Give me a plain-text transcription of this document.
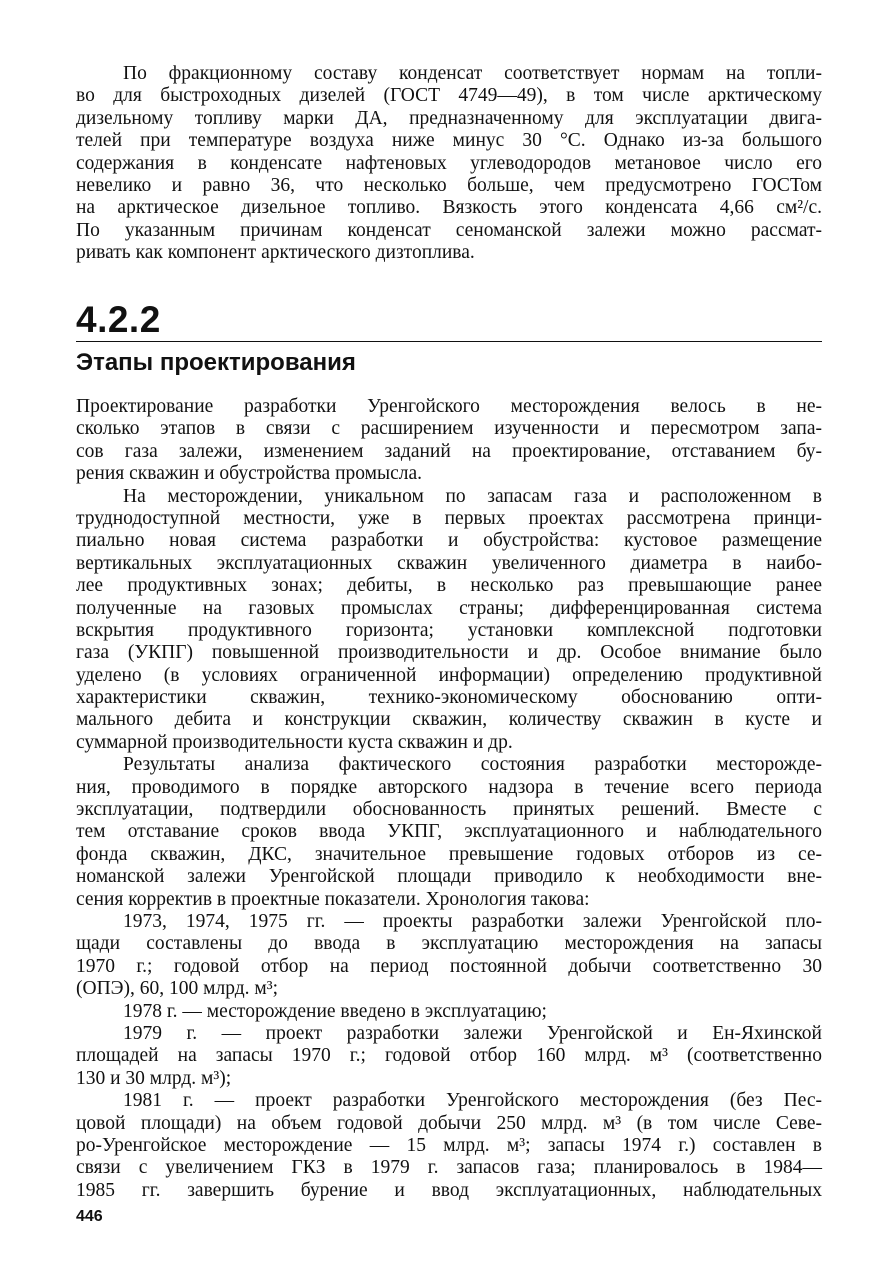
По фракционному составу конденсат соответствует нормам на топли-
во для быстроходных дизелей (ГОСТ 4749—49), в том числе арктическому
дизельному топливу марки ДА, предназначенному для эксплуатации двига-
телей при температуре воздуха ниже минус 30 °С. Однако из-за большого
содержания в конденсате нафтеновых углеводородов метановое число его
невелико и равно 36, что несколько больше, чем предусмотрено ГОСТом
на арктическое дизельное топливо. Вязкость этого конденсата 4,66 см²/с.
По указанным причинам конденсат сеноманской залежи можно рассмат-
ривать как компонент арктического дизтоплива.
4.2.2
Этапы проектирования
Проектирование разработки Уренгойского месторождения велось в не-
сколько этапов в связи с расширением изученности и пересмотром запа-
сов газа залежи, изменением заданий на проектирование, отставанием бу-
рения скважин и обустройства промысла.
На месторождении, уникальном по запасам газа и расположенном в
труднодоступной местности, уже в первых проектах рассмотрена принци-
пиально новая система разработки и обустройства: кустовое размещение
вертикальных эксплуатационных скважин увеличенного диаметра в наибо-
лее продуктивных зонах; дебиты, в несколько раз превышающие ранее
полученные на газовых промыслах страны; дифференцированная система
вскрытия продуктивного горизонта; установки комплексной подготовки
газа (УКПГ) повышенной производительности и др. Особое внимание было
уделено (в условиях ограниченной информации) определению продуктивной
характеристики скважин, технико-экономическому обоснованию опти-
мального дебита и конструкции скважин, количеству скважин в кусте и
суммарной производительности куста скважин и др.
Результаты анализа фактического состояния разработки месторожде-
ния, проводимого в порядке авторского надзора в течение всего периода
эксплуатации, подтвердили обоснованность принятых решений. Вместе с
тем отставание сроков ввода УКПГ, эксплуатационного и наблюдательного
фонда скважин, ДКС, значительное превышение годовых отборов из се-
номанской залежи Уренгойской площади приводило к необходимости вне-
сения корректив в проектные показатели. Хронология такова:
1973, 1974, 1975 гг. — проекты разработки залежи Уренгойской пло-
щади составлены до ввода в эксплуатацию месторождения на запасы
1970 г.; годовой отбор на период постоянной добычи соответственно 30
(ОПЭ), 60, 100 млрд. м³;
1978 г. — месторождение введено в эксплуатацию;
1979 г. — проект разработки залежи Уренгойской и Ен-Яхинской
площадей на запасы 1970 г.; годовой отбор 160 млрд. м³ (соответственно
130 и 30 млрд. м³);
1981 г. — проект разработки Уренгойского месторождения (без Пес-
цовой площади) на объем годовой добычи 250 млрд. м³ (в том числе Севе-
ро-Уренгойское месторождение — 15 млрд. м³; запасы 1974 г.) составлен в
связи с увеличением ГКЗ в 1979 г. запасов газа; планировалось в 1984—
1985 гг. завершить бурение и ввод эксплуатационных, наблюдательных
446
